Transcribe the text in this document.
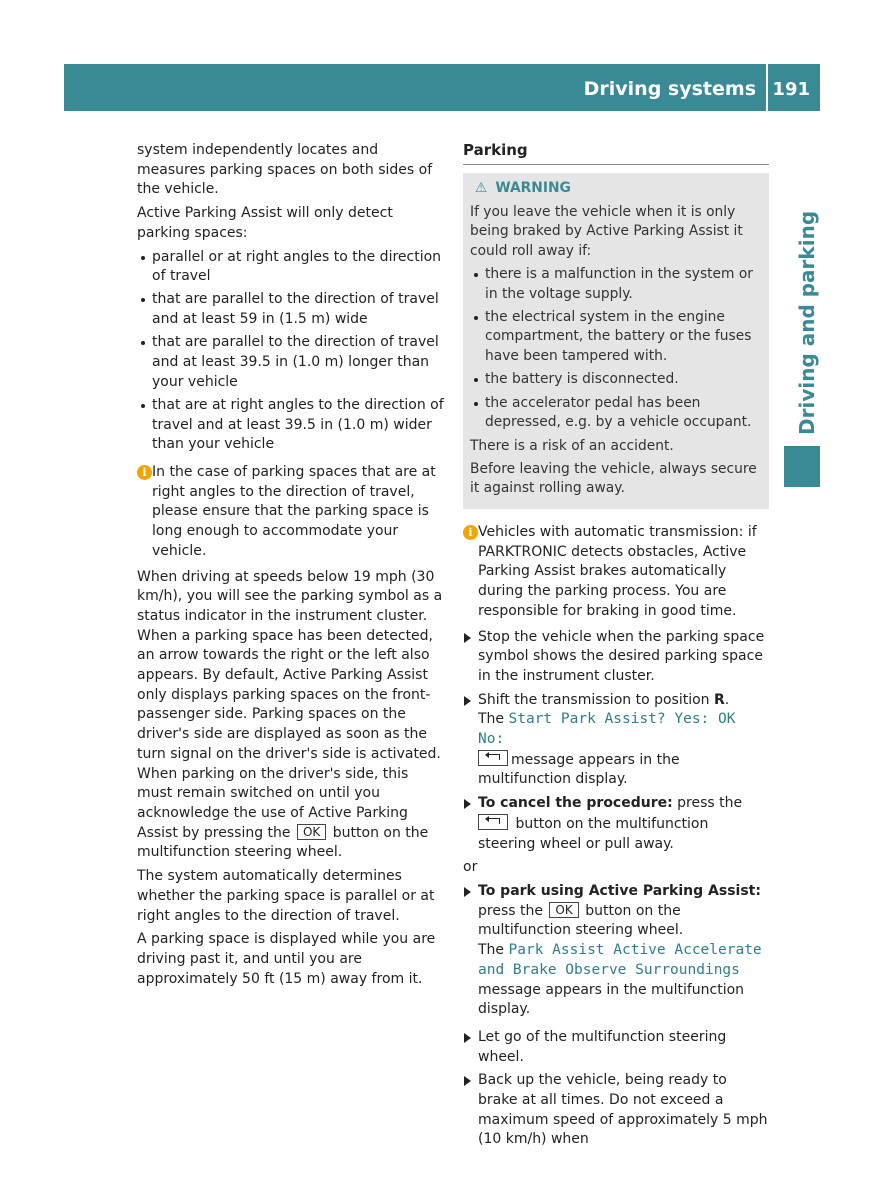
Driving systems 191
Driving and parking

system independently locates and measures parking spaces on both sides of the vehicle.

Active Parking Assist will only detect parking spaces:

parallel or at right angles to the direction of travel
that are parallel to the direction of travel and at least 59 in (1.5 m) wide
that are parallel to the direction of travel and at least 39.5 in (1.0 m) longer than your vehicle
that are at right angles to the direction of travel and at least 39.5 in (1.0 m) wider than your vehicle
i In the case of parking spaces that are at right angles to the direction of travel, please ensure that the parking space is long enough to accommodate your vehicle.

When driving at speeds below 19 mph (30 km/h), you will see the parking symbol as a status indicator in the instrument cluster. When a parking space has been detected, an arrow towards the right or the left also appears. By default, Active Parking Assist only displays parking spaces on the front-passenger side. Parking spaces on the driver's side are displayed as soon as the turn signal on the driver's side is activated. When parking on the driver's side, this must remain switched on until you acknowledge the use of Active Parking Assist by pressing the OK button on the multifunction steering wheel.

The system automatically determines whether the parking space is parallel or at right angles to the direction of travel.

A parking space is displayed while you are driving past it, and until you are approximately 50 ft (15 m) away from it.

Parking
⚠ WARNING

If you leave the vehicle when it is only being braked by Active Parking Assist it could roll away if:

there is a malfunction in the system or in the voltage supply.
the electrical system in the engine compartment, the battery or the fuses have been tampered with.
the battery is disconnected.
the accelerator pedal has been depressed, e.g. by a vehicle occupant.

There is a risk of an accident.

Before leaving the vehicle, always secure it against rolling away.

i Vehicles with automatic transmission: if PARKTRONIC detects obstacles, Active Parking Assist brakes automatically during the parking process. You are responsible for braking in good time.
Stop the vehicle when the parking space symbol shows the desired parking space in the instrument cluster.
Shift the transmission to position R.
The Start Park Assist? Yes: OK No:
message appears in the multifunction display.
To cancel the procedure: press the  button on the multifunction steering wheel or pull away.

or

To park using Active Parking Assist:
press the OK button on the multifunction steering wheel.
The Park Assist Active Accelerate and Brake Observe Surroundings message appears in the multifunction display.
Let go of the multifunction steering wheel.
Back up the vehicle, being ready to brake at all times. Do not exceed a maximum speed of approximately 5 mph (10 km/h) when
